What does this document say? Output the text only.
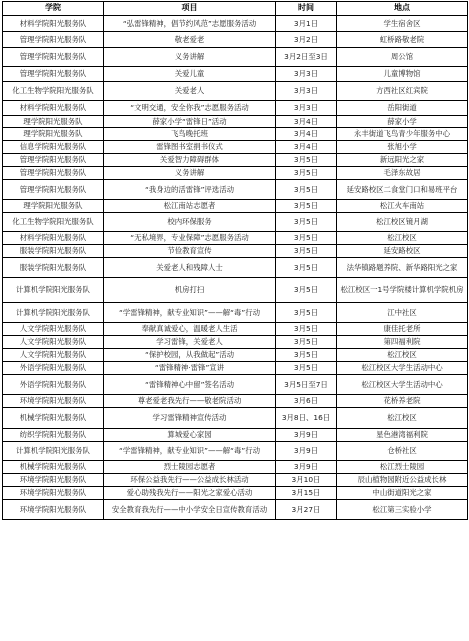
学院	项目	时间	地点
材料学院阳光服务队	“弘雷锋精神，倡节约风范”志愿服务活动	3月1日	学生宿舍区
管理学院阳光服务队	敬老爱老	3月2日	虹桥路敬老院
管理学院阳光服务队	义务讲解	3月2日至3日	周公馆
管理学院阳光服务队	关爱儿童	3月3日	儿童博物馆
化工生物学院阳光服务队	关爱老人	3月3日	方西社区红宾院
材料学院阳光服务队	“文明交通，安全你我”志愿服务活动	3月3日	岳阳街道
理学院阳光服务队	薛家小学“雷锋日”活动	3月4日	薛家小学
理学院阳光服务队	飞鸟晚托班	3月4日	永丰街道飞鸟青少年服务中心
信息学院阳光服务队	雷锋图书室捐书仪式	3月4日	张旭小学
管理学院阳光服务队	关爱智力障碍群体	3月5日	新远阳光之家
管理学院阳光服务队	义务讲解	3月5日	毛泽东故居
管理学院阳光服务队	“我身边的活雷锋”评选活动	3月5日	延安路校区二食堂门口和易班平台
理学院阳光服务队	松江南站志愿者	3月5日	松江火车南站
化工生物学院阳光服务队	校内环保服务	3月5日	松江校区镜月湖
材料学院阳光服务队	“无私境界，专业保障”志愿服务活动	3月5日	松江校区
服装学院阳光服务队	节俭教育宣传	3月5日	延安路校区
服装学院阳光服务队	关爱老人和残障人士	3月5日	法华镇路题养院、新华路阳光之家
计算机学院阳光服务队	机房打扫	3月5日	松江校区一1号学院楼计算机学院机房
计算机学院阳光服务队	“学雷锋精神，献专业知识”——解“毒”行动	3月5日	江中社区
人文学院阳光服务队	奉献真诚爱心，温暖老人生活	3月5日	康佳托老所
人文学院阳光服务队	学习雷锋，关爱老人	3月5日	第四福利院
人文学院阳光服务队	“保护校园，从我做起”活动	3月5日	松江校区
外语学院阳光服务队	“雷锋精神·雷锋”宣讲	3月5日	松江校区大学生活动中心
外语学院阳光服务队	“雷锋精神心中留”签名活动	3月5日至7日	松江校区大学生活动中心
环境学院阳光服务队	尊老爱老我先行——敬老院活动	3月6日	花桥养老院
机械学院阳光服务队	学习雷锋精神宣传活动	3月8日、16日	松江校区
纺织学院阳光服务队	算城爱心家园	3月9日	星色港湾福利院
计算机学院阳光服务队	“学雷锋精神，献专业知识”——解“毒”行动	3月9日	仓桥社区
机械学院阳光服务队	烈士陵园志愿者	3月9日	松江烈士陵园
环境学院阳光服务队	环保公益我先行——公益成长林活动	3月10日	辰山植物园附近公益成长林
环境学院阳光服务队	爱心助残我先行——阳光之家爱心活动	3月15日	中山街道阳光之家
环境学院阳光服务队	安全教育我先行——中小学安全日宣传教育活动	3月27日	松江第三实验小学
